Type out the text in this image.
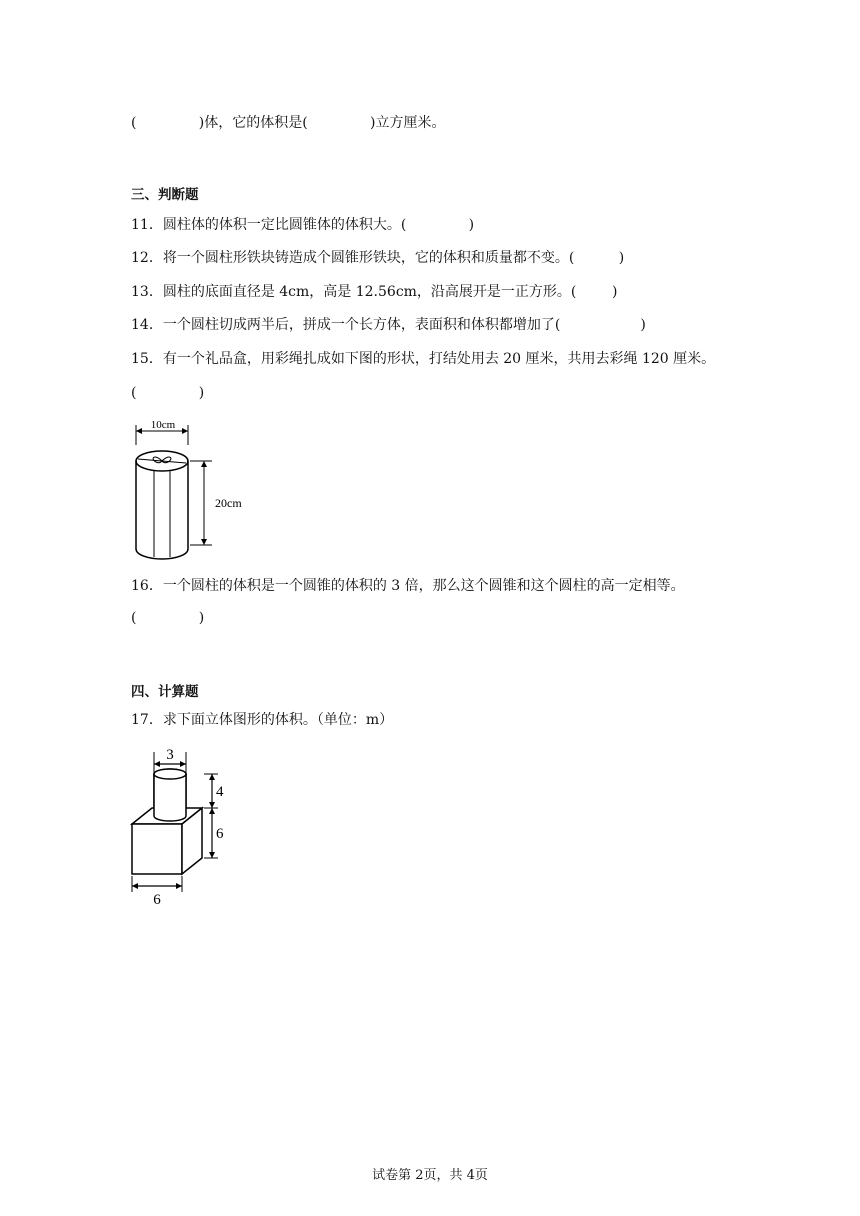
(              )体，它的体积是(              )立方厘米。
三、判断题
11．圆柱体的体积一定比圆锥体的体积大。(              )
12．将一个圆柱形铁块铸造成个圆锥形铁块，它的体积和质量都不变。(          )
13．圆柱的底面直径是 4cm，高是 12.56cm，沿高展开是一正方形。(        )
14．一个圆柱切成两半后，拼成一个长方体，表面积和体积都增加了(                  )
15．有一个礼品盒，用彩绳扎成如下图的形状，打结处用去 20 厘米，共用去彩绳 120 厘米。
(              )
10cm
20cm
16．一个圆柱的体积是一个圆锥的体积的 3 倍，那么这个圆锥和这个圆柱的高一定相等。
(              )
四、计算题
17．求下面立体图形的体积。（单位：m）
3
4
6
6
试卷第 2页，共 4页
